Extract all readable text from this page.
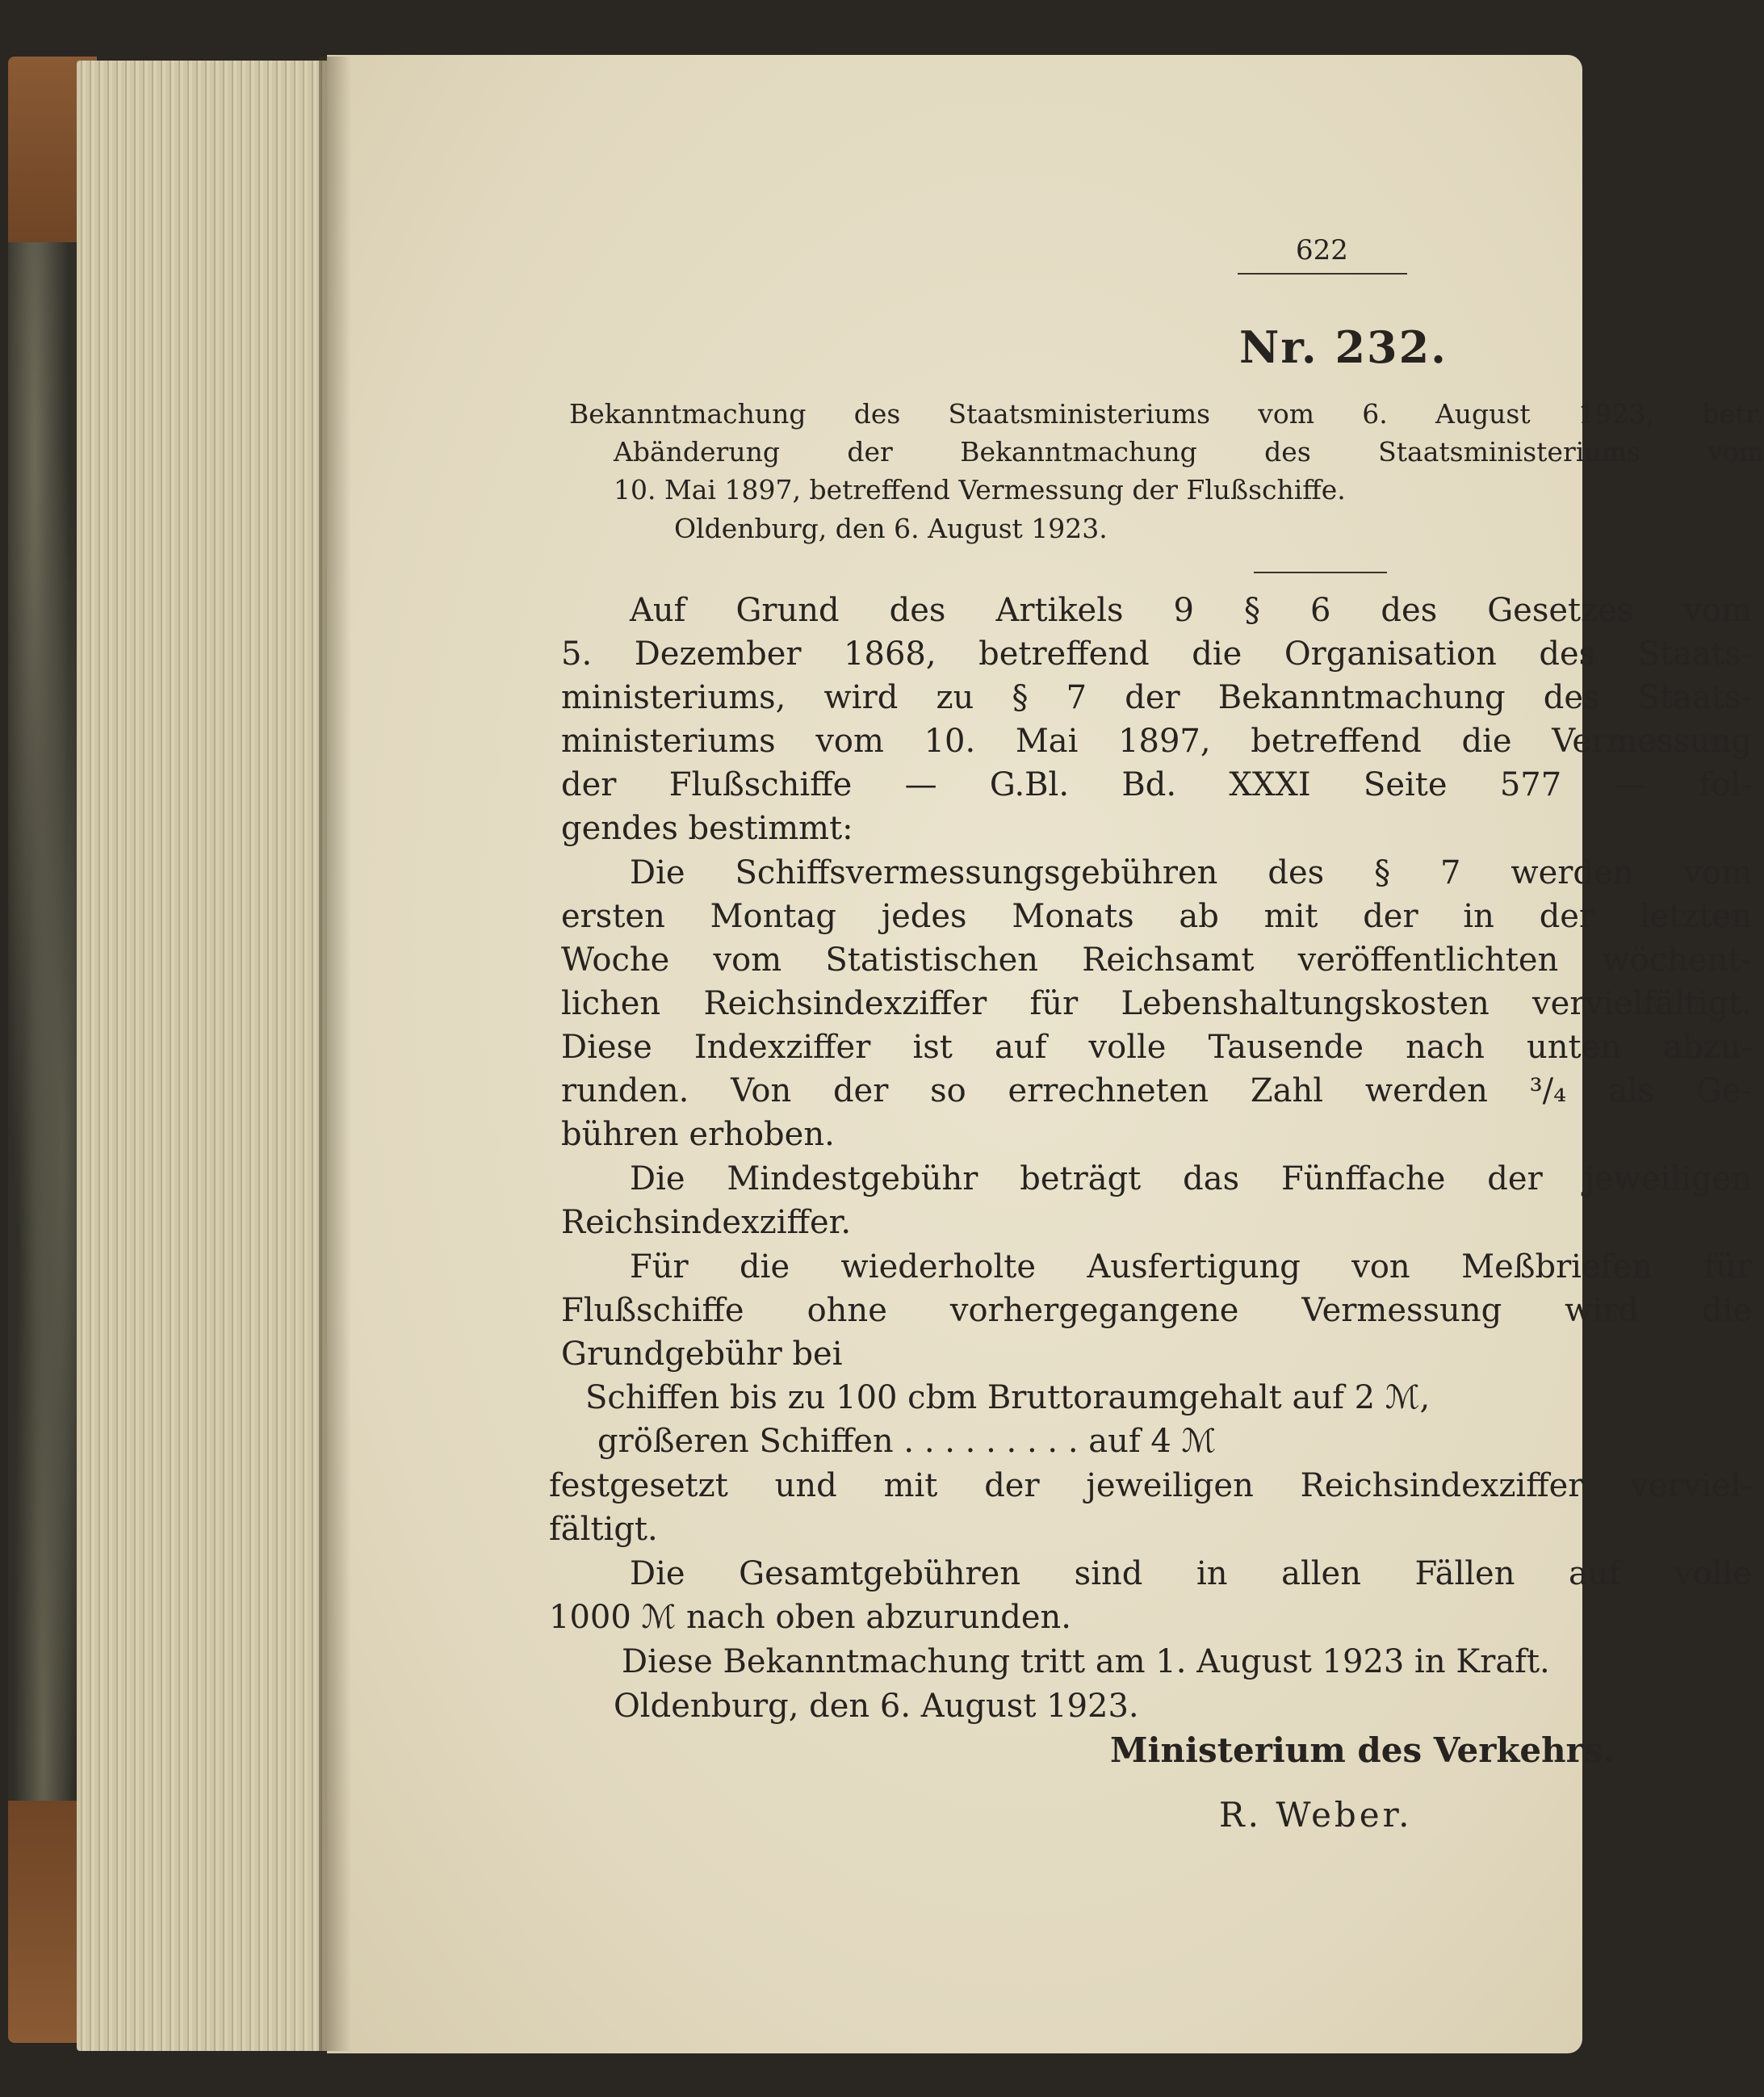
622
Nr. 232.
Bekanntmachung des Staatsministeriums vom 6. August 1923, betr.
Abänderung der Bekanntmachung des Staatsministeriums vom
10. Mai 1897, betreffend Vermessung der Flußschiffe.
Oldenburg, den 6. August 1923.
Auf Grund des Artikels 9 § 6 des Gesetzes vom
5. Dezember 1868, betreffend die Organisation des Staats-
ministeriums, wird zu § 7 der Bekanntmachung des Staats-
ministeriums vom 10. Mai 1897, betreffend die Vermessung
der Flußschiffe — G.Bl. Bd. XXXI Seite 577 — fol-
gendes bestimmt:
Die Schiffsvermessungsgebühren des § 7 werden vom
ersten Montag jedes Monats ab mit der in der letzten
Woche vom Statistischen Reichsamt veröffentlichten wöchent-
lichen Reichsindexziffer für Lebenshaltungskosten vervielfältigt.
Diese Indexziffer ist auf volle Tausende nach unten abzu-
runden. Von der so errechneten Zahl werden ³/₄ als Ge-
bühren erhoben.
Die Mindestgebühr beträgt das Fünffache der jeweiligen
Reichsindexziffer.
Für die wiederholte Ausfertigung von Meßbriefen für
Flußschiffe ohne vorhergegangene Vermessung wird die
Grundgebühr bei
Schiffen bis zu 100 cbm Bruttoraumgehalt auf 2 ℳ,
größeren Schiffen . . . . . . . . . auf 4 ℳ
festgesetzt und mit der jeweiligen Reichsindexziffer verviel-
fältigt.
Die Gesamtgebühren sind in allen Fällen auf volle
1000 ℳ nach oben abzurunden.
Diese Bekanntmachung tritt am 1. August 1923 in Kraft.
Oldenburg, den 6. August 1923.
Ministerium des Verkehrs.
R. Weber.
